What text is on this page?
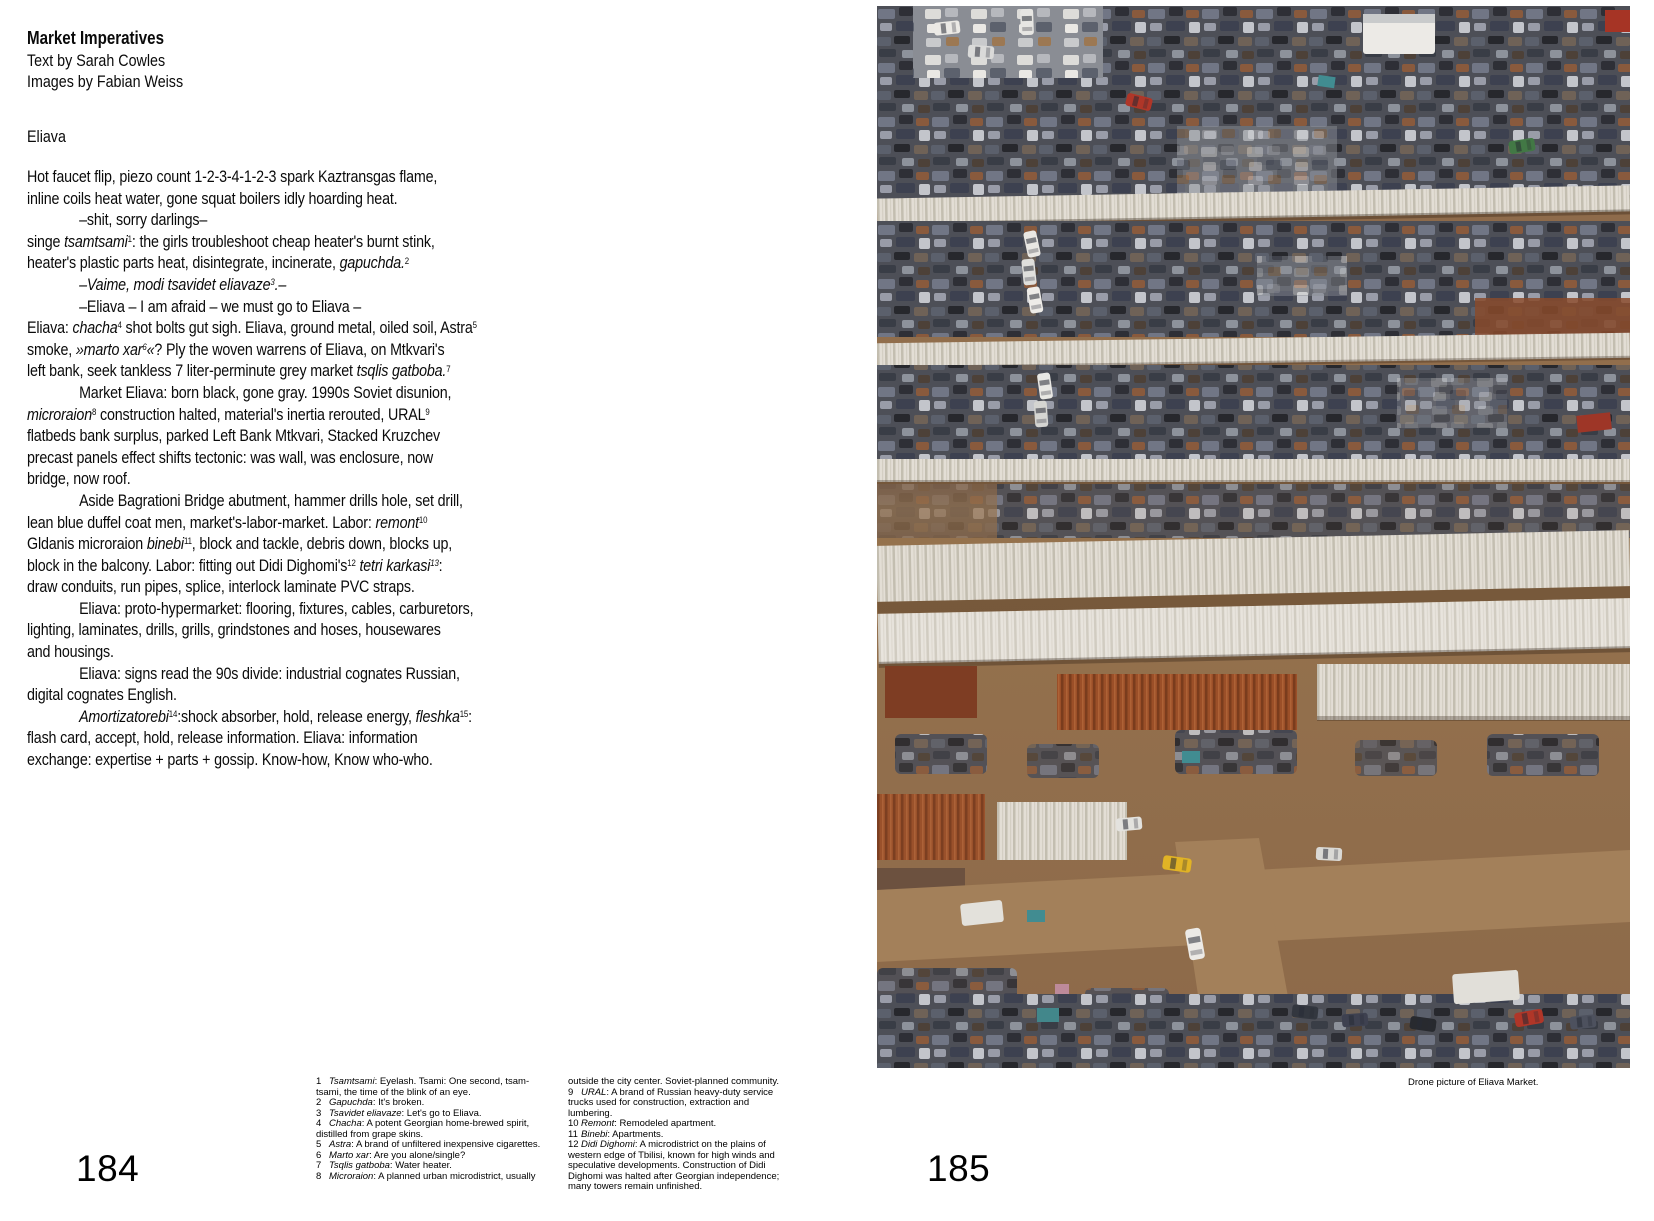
Market Imperatives
Text by Sarah Cowles
Images by Fabian Weiss
Eliava
Hot faucet flip, piezo count 1-2-3-4-1-2-3 spark Kaztransgas flame,
inline coils heat water, gone squat boilers idly hoarding heat.
–shit, sorry darlings–
singe tsamtsami$^1$: the girls troubleshoot cheap heater's burnt stink,
heater's plastic parts heat, disintegrate, incinerate, gapuchda.$^2$
–Vaime, modi tsavidet eliavaze$^3$.–
–Eliava – I am afraid – we must go to Eliava –
Eliava: chacha$^4$ shot bolts gut sigh. Eliava, ground metal, oiled soil, Astra$^5$
smoke, »marto xar$^6$«? Ply the woven warrens of Eliava, on Mtkvari's
left bank, seek tankless 7 liter-perminute grey market tsqlis gatboba.$^7$
Market Eliava: born black, gone gray. 1990s Soviet disunion,
microraion$^8$ construction halted, material's inertia rerouted, URAL$^9$
flatbeds bank surplus, parked Left Bank Mtkvari, Stacked Kruzchev
precast panels effect shifts tectonic: was wall, was enclosure, now
bridge, now roof.
Aside Bagrationi Bridge abutment, hammer drills hole, set drill,
lean blue duffel coat men, market's-labor-market. Labor: remont$^{10}$
Gldanis microraion binebi$^{11}$, block and tackle, debris down, blocks up,
block in the balcony. Labor: fitting out Didi $Dighomi's^{12}$ tetri karkasi$^{13}$:
draw conduits, run pipes, splice, interlock laminate PVC straps.
Eliava: proto-hypermarket: flooring, fixtures, cables, carburetors,
lighting, laminates, drills, grills, grindstones and hoses, housewares
and housings.
Eliava: signs read the 90s divide: industrial cognates Russian,
digital cognates English.
Amortizatorebi$^{14}$:shock absorber, hold, release energy, fleshka$^{15}$:
flash card, accept, hold, release information. Eliava: information
exchange: expertise + parts + gossip. Know-how, Know who-who.

1 Tsamtsami: Eyelash. Tsami: One second, tsam-tsami, the time of the blink of an eye.

2 Gapuchda: It's broken.

3 Tsavidet eliavaze: Let's go to Eliava.

4 Chacha: A potent Georgian home-brewed spirit, distilled from grape skins.

5 Astra: A brand of unfiltered inexpensive cigarettes.

6 Marto xar: Are you alone/single?

7 Tsqlis gatboba: Water heater.

8 Microraion: A planned urban microdistrict, usually

outside the city center. Soviet-planned community.

9 URAL: A brand of Russian heavy-duty service trucks used for construction, extraction and lumbering.

10 Remont: Remodeled apartment.

11 Binebi: Apartments.

12 Didi Dighomi: A microdistrict on the plains of western edge of Tbilisi, known for high winds and speculative developments. Construction of Didi Dighomi was halted after Georgian independence; many towers remain unfinished.

184
Drone picture of Eliava Market.
185
